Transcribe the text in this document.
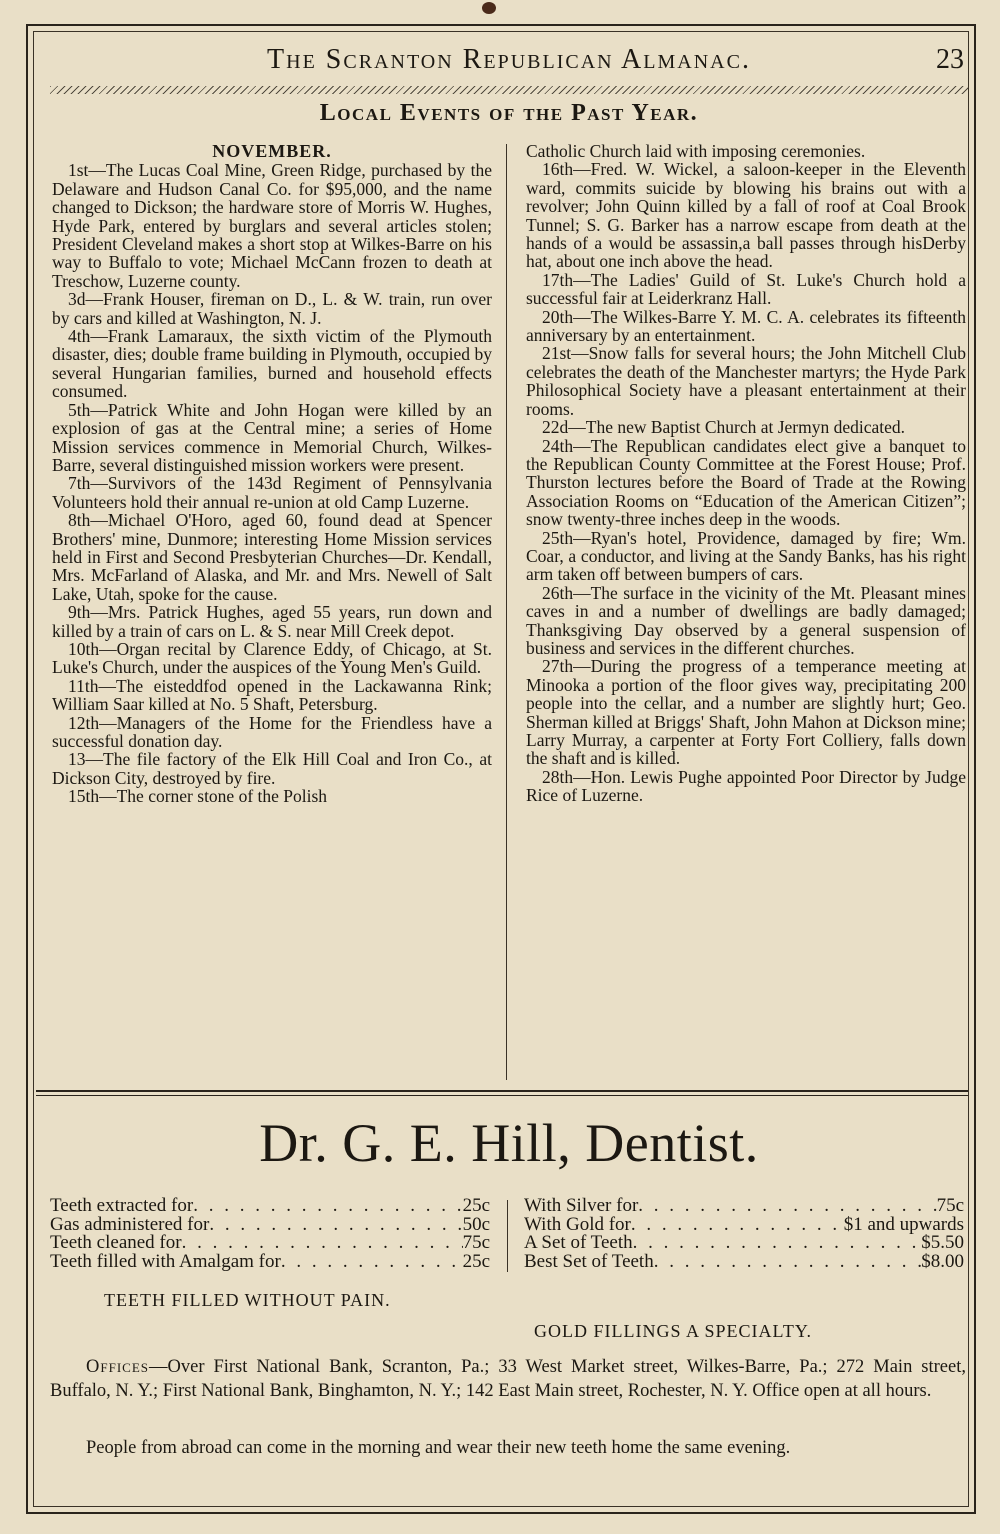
The Scranton Republican Almanac.	23
Local Events of the Past Year.
NOVEMBER.

1st—The Lucas Coal Mine, Green Ridge, purchased by the Delaware and Hudson Canal Co. for $95,000, and the name changed to Dickson; the hardware store of Morris W. Hughes, Hyde Park, entered by burglars and several articles stolen; President Cleveland makes a short stop at Wilkes-Barre on his way to Buffalo to vote; Michael McCann frozen to death at Treschow, Luzerne county.

3d—Frank Houser, fireman on D., L. & W. train, run over by cars and killed at Washington, N. J.

4th—Frank Lamaraux, the sixth victim of the Plymouth disaster, dies; double frame building in Plymouth, occupied by several Hungarian families, burned and household effects consumed.

5th—Patrick White and John Hogan were killed by an explosion of gas at the Central mine; a series of Home Mission services commence in Memorial Church, Wilkes-Barre, several distinguished mission workers were present.

7th—Survivors of the 143d Regiment of Pennsylvania Volunteers hold their annual re-union at old Camp Luzerne.

8th—Michael O'Horo, aged 60, found dead at Spencer Brothers' mine, Dunmore; interesting Home Mission services held in First and Second Presbyterian Churches—Dr. Kendall, Mrs. McFarland of Alaska, and Mr. and Mrs. Newell of Salt Lake, Utah, spoke for the cause.

9th—Mrs. Patrick Hughes, aged 55 years, run down and killed by a train of cars on L. & S. near Mill Creek depot.

10th—Organ recital by Clarence Eddy, of Chicago, at St. Luke's Church, under the auspices of the Young Men's Guild.

11th—The eisteddfod opened in the Lackawanna Rink; William Saar killed at No. 5 Shaft, Petersburg.

12th—Managers of the Home for the Friendless have a successful donation day.

13—The file factory of the Elk Hill Coal and Iron Co., at Dickson City, destroyed by fire.

15th—The corner stone of the Polish

Catholic Church laid with imposing ceremonies.

16th—Fred. W. Wickel, a saloon-keeper in the Eleventh ward, commits suicide by blowing his brains out with a revolver; John Quinn killed by a fall of roof at Coal Brook Tunnel; S. G. Barker has a narrow escape from death at the hands of a would be assassin,a ball passes through hisDerby hat, about one inch above the head.

17th—The Ladies' Guild of St. Luke's Church hold a successful fair at Leiderkranz Hall.

20th—The Wilkes-Barre Y. M. C. A. celebrates its fifteenth anniversary by an entertainment.

21st—Snow falls for several hours; the John Mitchell Club celebrates the death of the Manchester martyrs; the Hyde Park Philosophical Society have a pleasant entertainment at their rooms.

22d—The new Baptist Church at Jermyn dedicated.

24th—The Republican candidates elect give a banquet to the Republican County Committee at the Forest House; Prof. Thurston lectures before the Board of Trade at the Rowing Association Rooms on “Education of the American Citizen”; snow twenty-three inches deep in the woods.

25th—Ryan's hotel, Providence, damaged by fire; Wm. Coar, a conductor, and living at the Sandy Banks, has his right arm taken off between bumpers of cars.

26th—The surface in the vicinity of the Mt. Pleasant mines caves in and a number of dwellings are badly damaged; Thanksgiving Day observed by a general suspension of business and services in the different churches.

27th—During the progress of a temperance meeting at Minooka a portion of the floor gives way, precipitating 200 people into the cellar, and a number are slightly hurt; Geo. Sherman killed at Briggs' Shaft, John Mahon at Dickson mine; Larry Murray, a carpenter at Forty Fort Colliery, falls down the shaft and is killed.

28th—Hon. Lewis Pughe appointed Poor Director by Judge Rice of Luzerne.

Dr. G. E. Hill, Dentist.
Teeth extracted for . . .	25c
Gas administered for . . .	50c
Teeth cleaned for . . .	75c
Teeth filled with Amalgam for . . .	25c
With Silver for . . .	75c
With Gold for . . .	$1 and upwards
A Set of Teeth . . .	$5.50
Best Set of Teeth . . .	$8.00
TEETH FILLED WITHOUT PAIN.
GOLD FILLINGS A SPECIALTY.
Offices—Over First National Bank, Scranton, Pa.; 33 West Market street, Wilkes-Barre, Pa.; 272 Main street, Buffalo, N. Y.; First National Bank, Binghamton, N. Y.; 142 East Main street, Rochester, N. Y. Office open at all hours.
People from abroad can come in the morning and wear their new teeth home the same evening.
